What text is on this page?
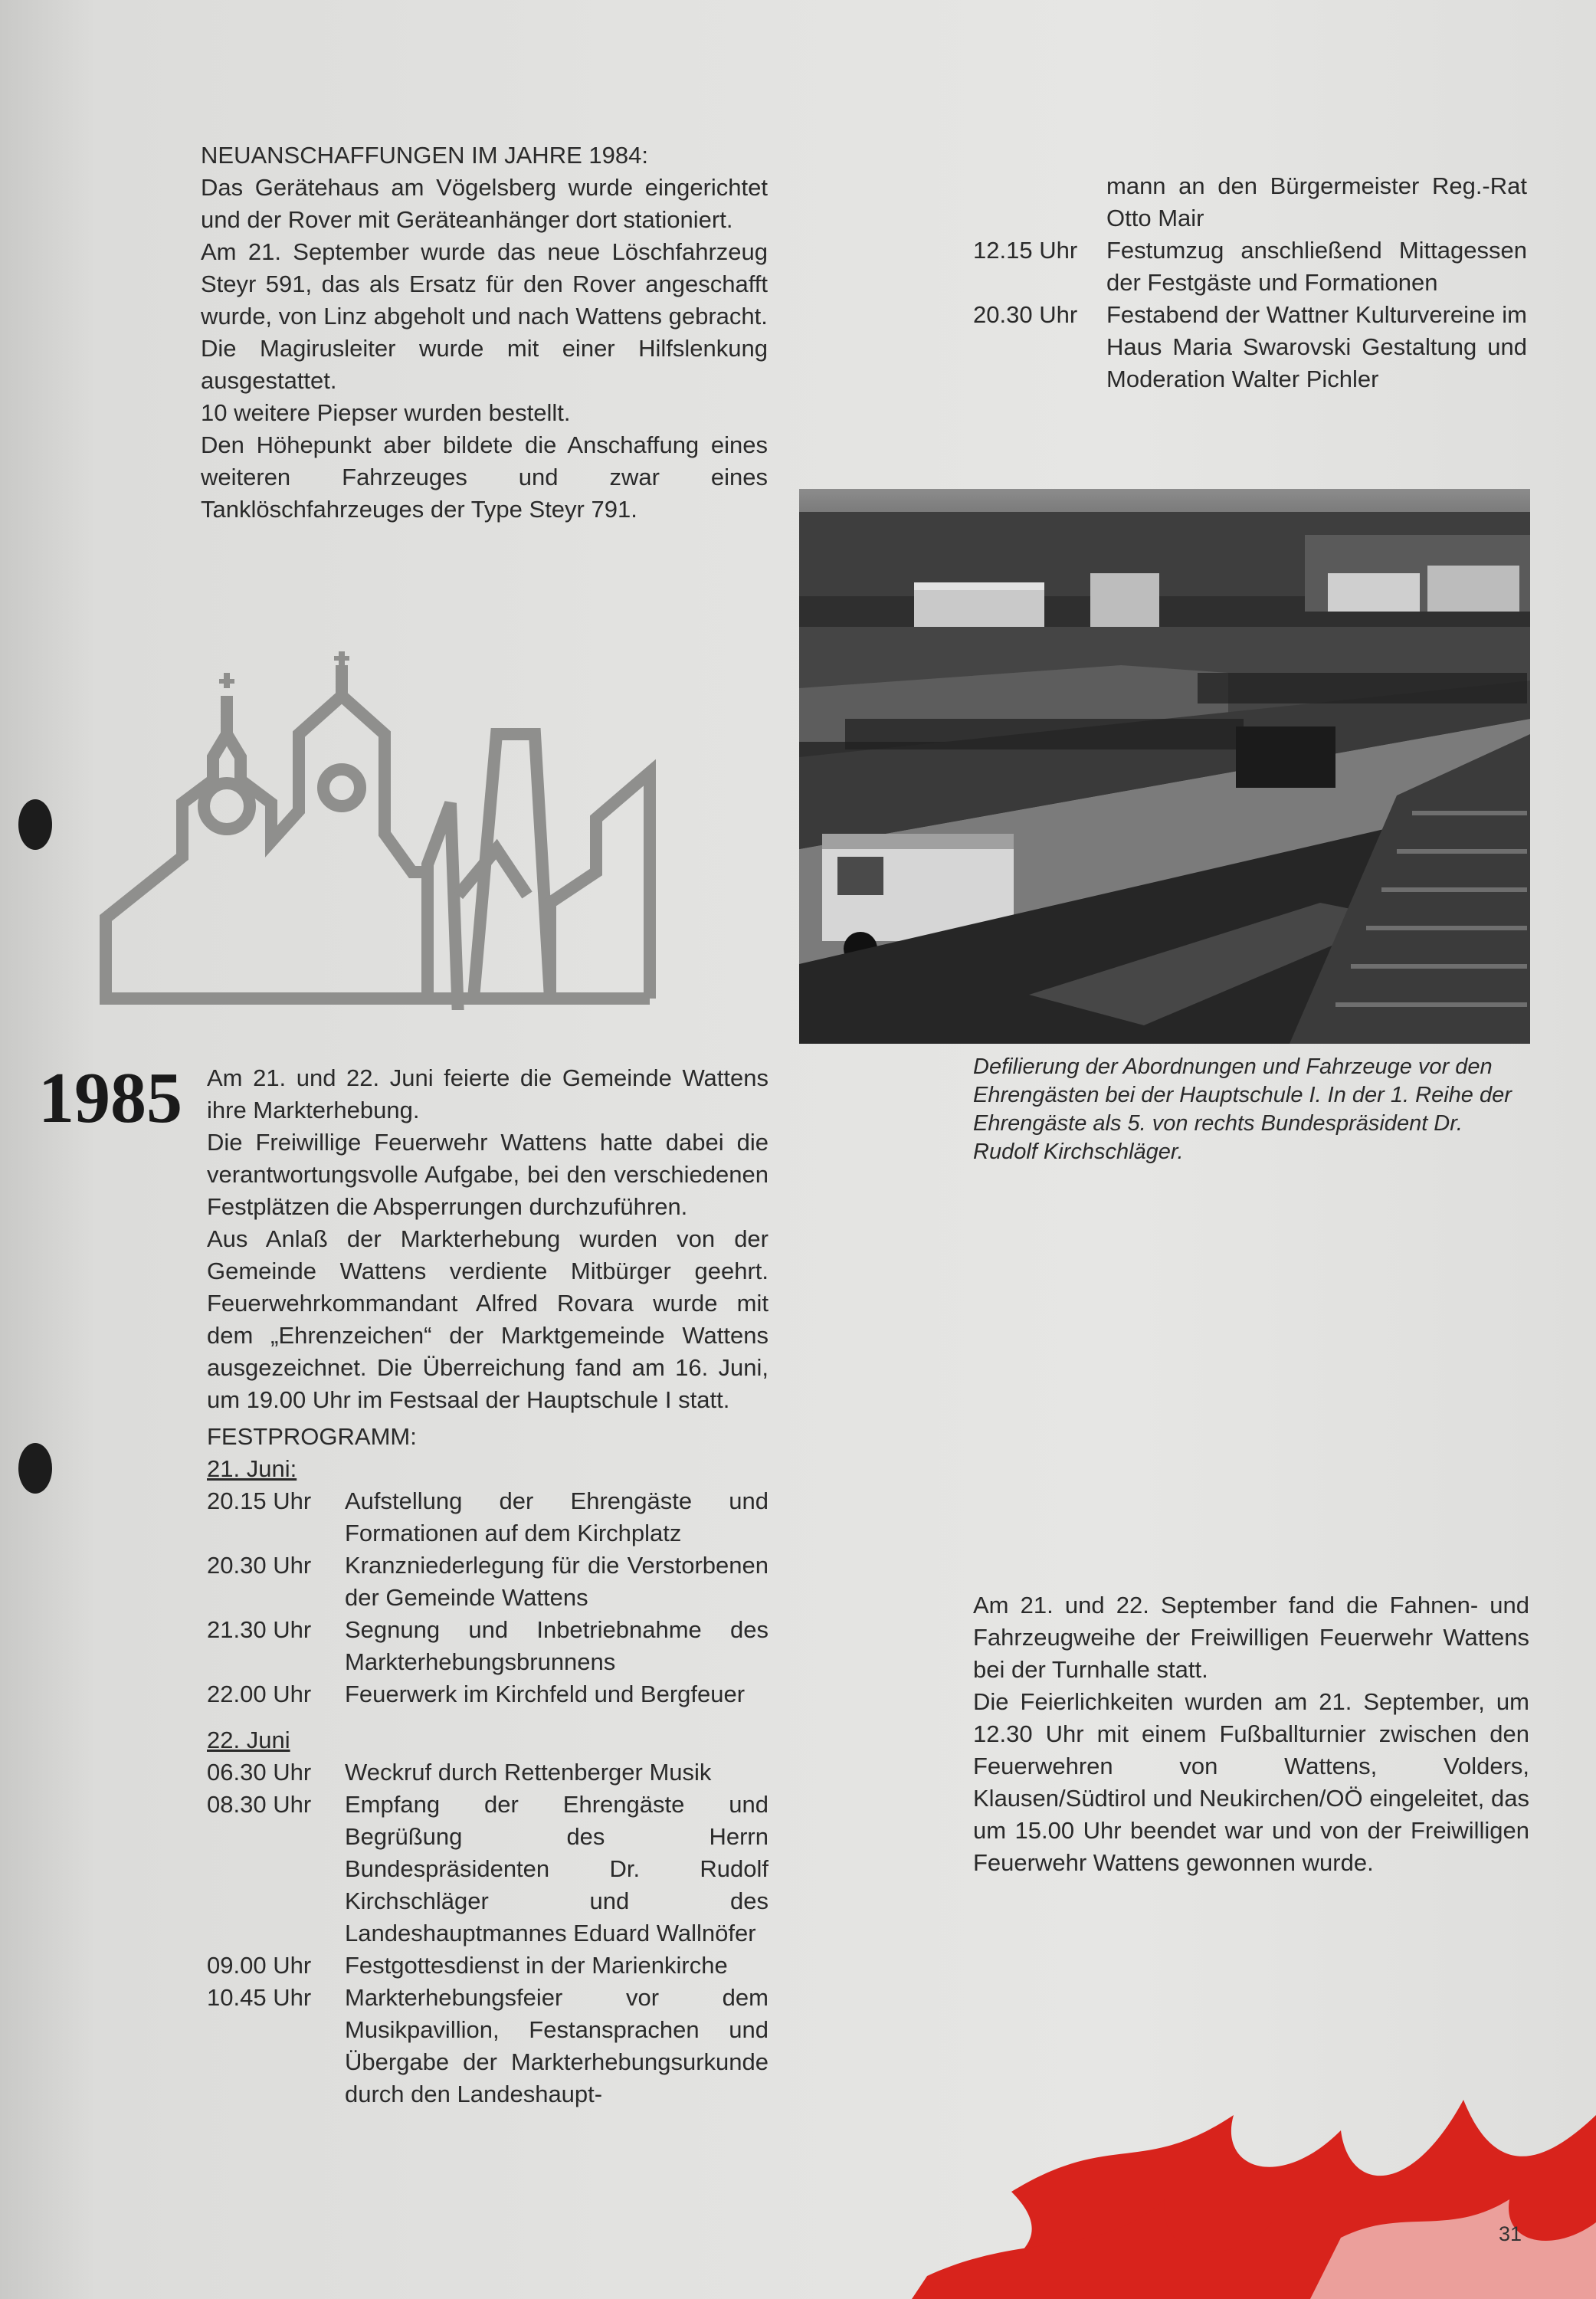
NEUANSCHAFFUNGEN IM JAHRE 1984:

Das Gerätehaus am Vögelsberg wurde eingerichtet und der Rover mit Geräteanhänger dort stationiert.

Am 21. September wurde das neue Löschfahrzeug Steyr 591, das als Ersatz für den Rover angeschafft wurde, von Linz abgeholt und nach Wattens gebracht.

Die Magirusleiter wurde mit einer Hilfslenkung ausgestattet.

10 weitere Piepser wurden bestellt.

Den Höhepunkt aber bildete die Anschaffung eines weiteren Fahrzeuges und zwar eines Tanklöschfahrzeuges der Type Steyr 791.

1985 Am 21. und 22. Juni feierte die Gemeinde Wattens ihre Markterhebung.

Die Freiwillige Feuerwehr Wattens hatte dabei die verantwortungsvolle Aufgabe, bei den verschiedenen Festplätzen die Absperrungen durchzuführen.

Aus Anlaß der Markterhebung wurden von der Gemeinde Wattens verdiente Mitbürger geehrt. Feuerwehrkommandant Alfred Rovara wurde mit dem „Ehrenzeichen“ der Marktgemeinde Wattens ausgezeichnet. Die Überreichung fand am 16. Juni, um 19.00 Uhr im Festsaal der Hauptschule I statt.

FESTPROGRAMM:

21. Juni:

20.15 Uhr	Aufstellung der Ehrengäste und Formationen auf dem Kirchplatz
20.30 Uhr	Kranzniederlegung für die Verstorbenen der Gemeinde Wattens
21.30 Uhr	Segnung und Inbetriebnahme des Markterhebungsbrunnens
22.00 Uhr	Feuerwerk im Kirchfeld und Bergfeuer

22. Juni

06.30 Uhr	Weckruf durch Rettenberger Musik
08.30 Uhr	Empfang der Ehrengäste und Begrüßung des Herrn Bundespräsidenten Dr. Rudolf Kirchschläger und des Landeshauptmannes Eduard Wallnöfer
09.00 Uhr	Festgottesdienst in der Marienkirche
10.45 Uhr	Markterhebungsfeier vor dem Musikpavillion, Festansprachen und Übergabe der Markterhebungsurkunde durch den Landeshaupt-
mann an den Bürgermeister Reg.-Rat Otto Mair
12.15 Uhr	Festumzug anschließend Mittagessen der Festgäste und Formationen
20.30 Uhr	Festabend der Wattner Kulturvereine im Haus Maria Swarovski Gestaltung und Moderation Walter Pichler

Defilierung der Abordnungen und Fahrzeuge vor den Ehrengästen bei der Hauptschule I. In der 1. Reihe der Ehrengäste als 5. von rechts Bundespräsident Dr. Rudolf Kirchschläger.

Am 21. und 22. September fand die Fahnen- und Fahrzeugweihe der Freiwilligen Feuerwehr Wattens bei der Turnhalle statt.

Die Feierlichkeiten wurden am 21. September, um 12.30 Uhr mit einem Fußballturnier zwischen den Feuerwehren von Wattens, Volders, Klausen/Südtirol und Neukirchen/OÖ eingeleitet, das um 15.00 Uhr beendet war und von der Freiwilligen Feuerwehr Wattens gewonnen wurde.

31
